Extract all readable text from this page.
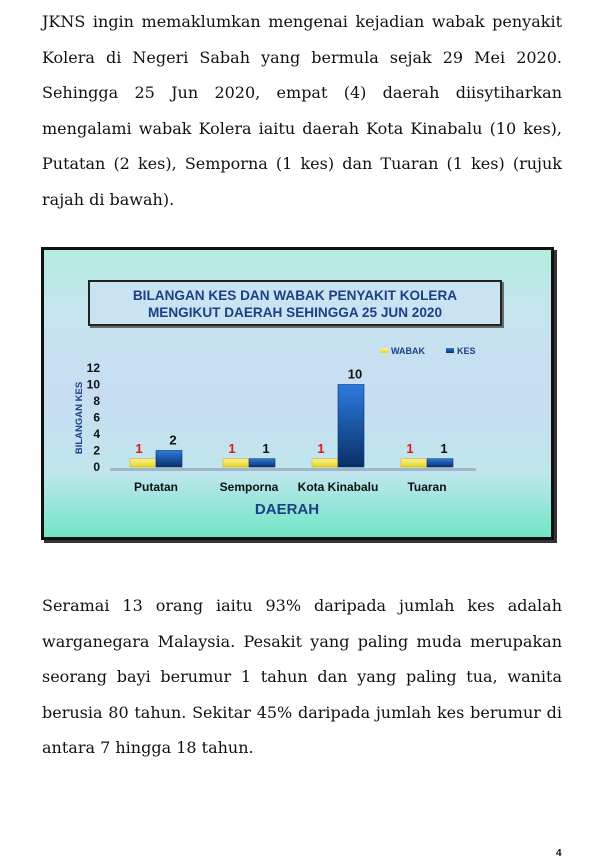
JKNS ingin memaklumkan mengenai kejadian wabak penyakit Kolera di Negeri Sabah yang bermula sejak 29 Mei 2020. Sehingga 25 Jun 2020, empat (4) daerah diisytiharkan mengalami wabak Kolera iaitu daerah Kota Kinabalu (10 kes), Putatan (2 kes), Semporna (1 kes) dan Tuaran (1 kes) (rujuk rajah di bawah).

0
2
4
6
8
10
12
BILANGAN KES	1
2
Putatan
1 1
Semporna
1
10
Kota Kinabalu
1 1
Tuaran
DAERAH
WABAK	KES
BILANGAN KES DAN WABAK PENYAKIT KOLERA
MENGIKUT DAERAH SEHINGGA 25 JUN 2020

Seramai 13 orang iaitu 93% daripada jumlah kes adalah warganegara Malaysia. Pesakit yang paling muda merupakan seorang bayi berumur 1 tahun dan yang paling tua, wanita berusia 80 tahun. Sekitar 45% daripada jumlah kes berumur di antara 7 hingga 18 tahun.

4
